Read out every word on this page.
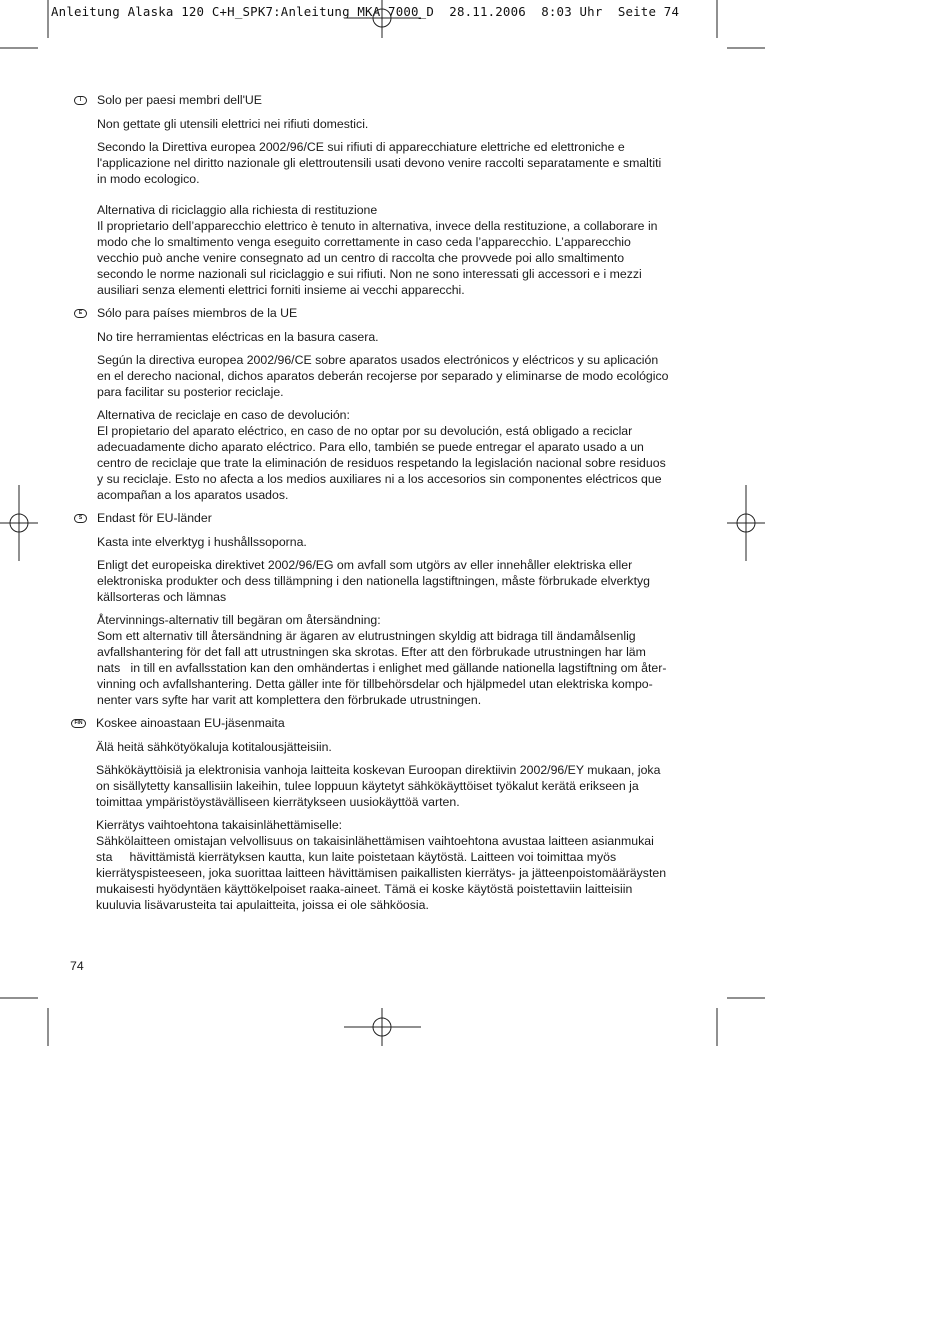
Anleitung Alaska 120 C+H_SPK7:Anleitung MKA 7000_D  28.11.2006  8:03 Uhr  Seite 74
I	Solo per paesi membri dell'UE
Non gettate gli utensili elettrici nei rifiuti domestici.
Secondo la Direttiva europea 2002/96/CE sui rifiuti di apparecchiature elettriche ed elettroniche e
l'applicazione nel diritto nazionale gli elettroutensili usati devono venire raccolti separatamente e smaltiti
in modo ecologico.
Alternativa di riciclaggio alla richiesta di restituzione
Il proprietario dell’apparecchio elettrico è tenuto in alternativa, invece della restituzione, a collaborare in
modo che lo smaltimento venga eseguito correttamente in caso ceda l’apparecchio. L’apparecchio
vecchio può anche venire consegnato ad un centro di raccolta che provvede poi allo smaltimento
secondo le norme nazionali sul riciclaggio e sui rifiuti. Non ne sono interessati gli accessori e i mezzi
ausiliari senza elementi elettrici forniti insieme ai vecchi apparecchi.
E	Sólo para países miembros de la UE
No tire herramientas eléctricas en la basura casera.
Según la directiva europea 2002/96/CE sobre aparatos usados electrónicos y eléctricos y su aplicación
en el derecho nacional, dichos aparatos deberán recojerse por separado y eliminarse de modo ecológico
para facilitar su posterior reciclaje.
Alternativa de reciclaje en caso de devolución:
El propietario del aparato eléctrico, en caso de no optar por su devolución, está obligado a reciclar
adecuadamente dicho aparato eléctrico. Para ello, también se puede entregar el aparato usado a un
centro de reciclaje que trate la eliminación de residuos respetando la legislación nacional sobre residuos
y su reciclaje. Esto no afecta a los medios auxiliares ni a los accesorios sin componentes eléctricos que
acompañan a los aparatos usados.
S	Endast för EU-länder
Kasta inte elverktyg i hushållssoporna.
Enligt det europeiska direktivet 2002/96/EG om avfall som utgörs av eller innehåller elektriska eller
elektroniska produkter och dess tillämpning i den nationella lagstiftningen, måste förbrukade elverktyg
källsorteras och lämnas
Återvinnings-alternativ till begäran om återsändning:
Som ett alternativ till återsändning är ägaren av elutrustningen skyldig att bidraga till ändamålsenlig
avfallshantering för det fall att utrustningen ska skrotas. Efter att den förbrukade utrustningen har läm
nats   in till en avfallsstation kan den omhändertas i enlighet med gällande nationella lagstiftning om åter-
vinning och avfallshantering. Detta gäller inte för tillbehörsdelar och hjälpmedel utan elektriska kompo-
nenter vars syfte har varit att komplettera den förbrukade utrustningen.
FIN Koskee ainoastaan EU-jäsenmaita
Älä heitä sähkötyökaluja kotitalousjätteisiin.
Sähkökäyttöisiä ja elektronisia vanhoja laitteita koskevan Euroopan direktiivin 2002/96/EY mukaan, joka
on sisällytetty kansallisiin lakeihin, tulee loppuun käytetyt sähkökäyttöiset työkalut kerätä erikseen ja
toimittaa ympäristöystävälliseen kierrätykseen uusiokäyttöä varten.
Kierrätys vaihtoehtona takaisinlähettämiselle:
Sähkölaitteen omistajan velvollisuus on takaisinlähettämisen vaihtoehtona avustaa laitteen asianmukai
sta     hävittämistä kierrätyksen kautta, kun laite poistetaan käytöstä. Laitteen voi toimittaa myös
kierrätyspisteeseen, joka suorittaa laitteen hävittämisen paikallisten kierrätys- ja jätteenpoistomääräysten
mukaisesti hyödyntäen käyttökelpoiset raaka-aineet. Tämä ei koske käytöstä poistettaviin laitteisiin
kuuluvia lisävarusteita tai apulaitteita, joissa ei ole sähköosia.
74
